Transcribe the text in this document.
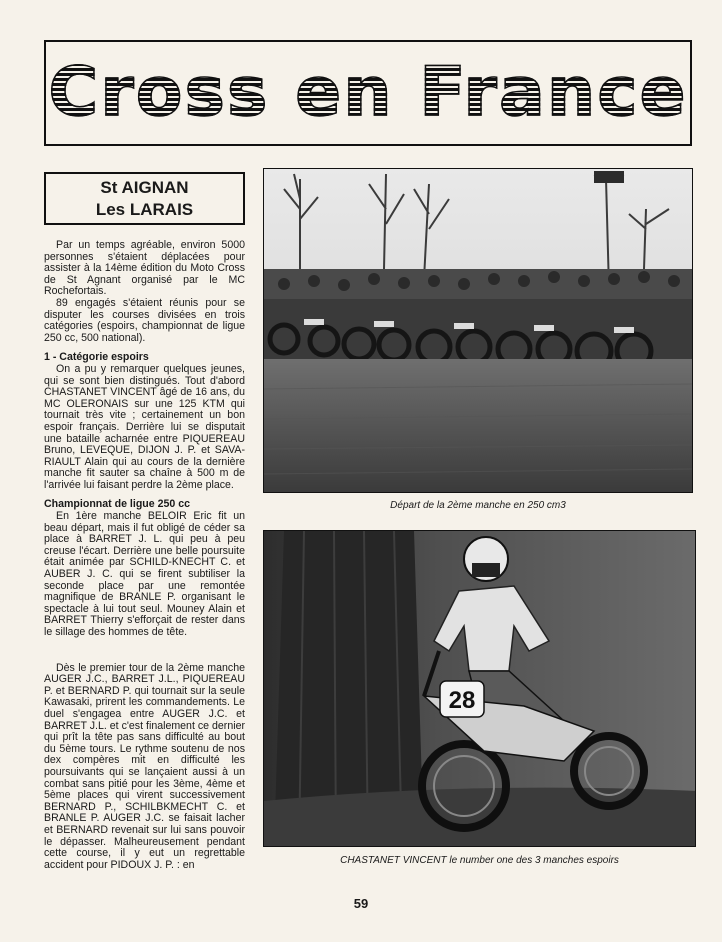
Cross en France
St AIGNAN
Les LARAIS

Par un temps agréable, environ 5000 personnes s'étaient déplacées pour assister à la 14ème édition du Moto Cross de St Agnant organisé par le MC Rochefortais.

89 engagés s'étaient réunis pour se disputer les courses divisées en trois catégories (espoirs, championnat de ligue 250 cc, 500 national).

1 - Catégorie espoirs

On a pu y remarquer quelques jeunes, qui se sont bien distingués. Tout d'abord CHASTANET VINCENT âgé de 16 ans, du MC OLERONAIS sur une 125 KTM qui tournait très vite ; certainement un bon espoir français. Derrière lui se disputait une bataille acharnée entre PIQUEREAU Bruno, LEVEQUE, DIJON J. P. et SAVA-RIAULT Alain qui au cours de la dernière manche fit sauter sa chaîne à 500 m de l'arrivée lui faisant perdre la 2ème place.

Championnat de ligue 250 cc

En 1ère manche BELOIR Eric fit un beau départ, mais il fut obligé de céder sa place à BARRET J. L. qui peu à peu creuse l'écart. Derrière une belle poursuite était animée par SCHILD-KNECHT C. et AUBER J. C. qui se firent subtiliser la seconde place par une remontée magnifique de BRANLE P. organisant le spectacle à lui tout seul. Mouney Alain et BARRET Thierry s'efforçait de rester dans le sillage des hommes de tête.

Dès le premier tour de la 2ème manche AUGER J.C., BARRET J.L., PIQUEREAU P. et BERNARD P. qui tournait sur la seule Kawasaki, prirent les commandements. Le duel s'engagea entre AUGER J.C. et BARRET J.L. et c'est finalement ce dernier qui prît la tête pas sans difficulté au bout du 5ème tours. Le rythme soutenu de nos dex compères mit en difficulté les poursuivants qui se lançaient aussi à un combat sans pitié pour les 3ème, 4ème et 5ème places qui virent successivement BERNARD P., SCHILBKMECHT C. et BRANLE P. AUGER J.C. se faisait lacher et BERNARD revenait sur lui sans pouvoir le dépasser. Malheureusement pendant cette course, il y eut un regrettable accident pour PIDOUX J. P. : en

Départ de la 2ème manche en 250 cm3
28
CHASTANET VINCENT le number one des 3 manches espoirs
59
